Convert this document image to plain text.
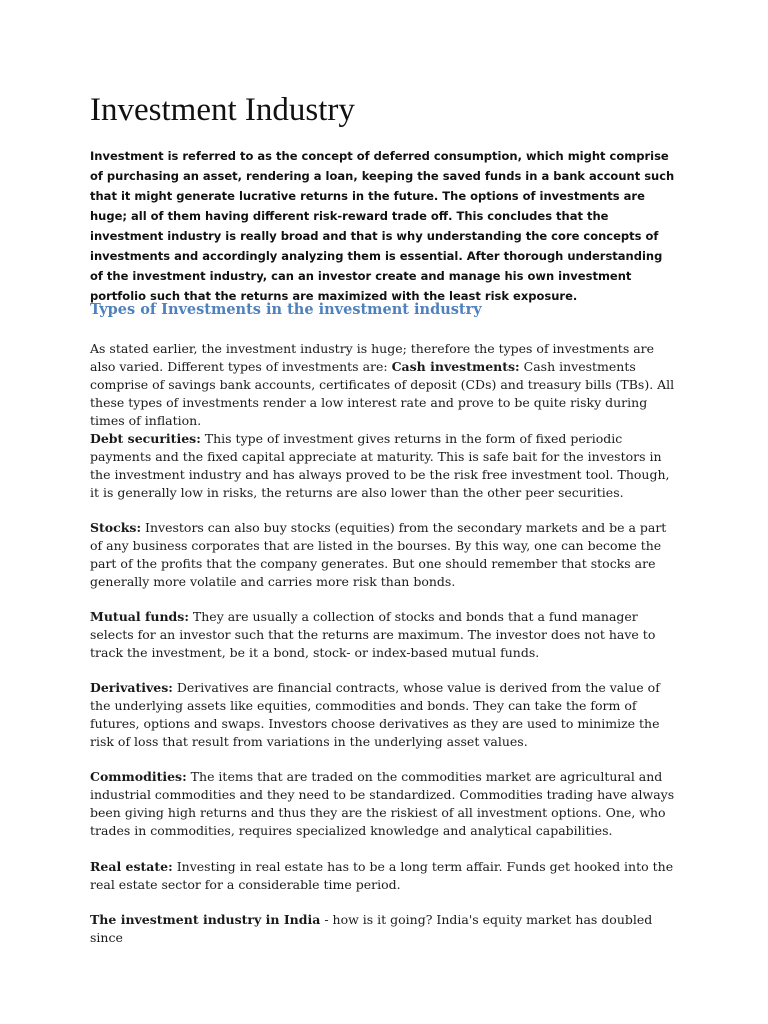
Investment Industry

Investment is referred to as the concept of deferred consumption, which might comprise of purchasing an asset, rendering a loan, keeping the saved funds in a bank account such that it might generate lucrative returns in the future. The options of investments are huge; all of them having different risk-reward trade off. This concludes that the investment industry is really broad and that is why understanding the core concepts of investments and accordingly analyzing them is essential. After thorough understanding of the investment industry, can an investor create and manage his own investment portfolio such that the returns are maximized with the least risk exposure.

Types of Investments in the investment industry

As stated earlier, the investment industry is huge; therefore the types of investments are also varied. Different types of investments are: Cash investments: Cash investments comprise of savings bank accounts, certificates of deposit (CDs) and treasury bills (TBs). All these types of investments render a low interest rate and prove to be quite risky during times of inflation.

Debt securities: This type of investment gives returns in the form of fixed periodic payments and the fixed capital appreciate at maturity. This is safe bait for the investors in the investment industry and has always proved to be the risk free investment tool. Though, it is generally low in risks, the returns are also lower than the other peer securities.

Stocks: Investors can also buy stocks (equities) from the secondary markets and be a part of any business corporates that are listed in the bourses. By this way, one can become the part of the profits that the company generates. But one should remember that stocks are generally more volatile and carries more risk than bonds.

Mutual funds: They are usually a collection of stocks and bonds that a fund manager selects for an investor such that the returns are maximum. The investor does not have to track the investment, be it a bond, stock- or index-based mutual funds.

Derivatives: Derivatives are financial contracts, whose value is derived from the value of the underlying assets like equities, commodities and bonds. They can take the form of futures, options and swaps. Investors choose derivatives as they are used to minimize the risk of loss that result from variations in the underlying asset values.

Commodities: The items that are traded on the commodities market are agricultural and industrial commodities and they need to be standardized. Commodities trading have always been giving high returns and thus they are the riskiest of all investment options. One, who trades in commodities, requires specialized knowledge and analytical capabilities.

Real estate: Investing in real estate has to be a long term affair. Funds get hooked into the real estate sector for a considerable time period.

The investment industry in India - how is it going? India's equity market has doubled since
